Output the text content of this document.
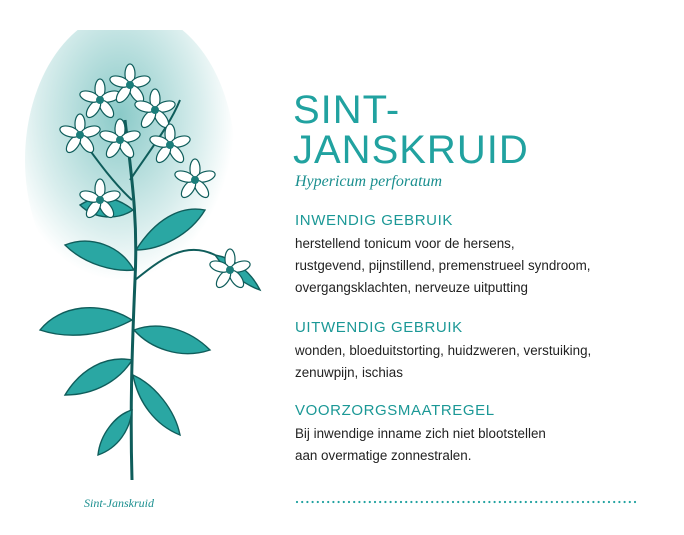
Sint-Janskruid
SINT-
JANSKRUID
Hypericum perforatum
INWENDIG GEBRUIK

herstellend tonicum voor de hersens,
rustgevend, pijnstillend, premenstrueel syndroom,
overgangsklachten, nerveuze uitputting

UITWENDIG GEBRUIK

wonden, bloeduitstorting, huidzweren, verstuiking,
zenuwpijn, ischias

VOORZORGSMAATREGEL

Bij inwendige inname zich niet blootstellen
aan overmatige zonnestralen.
